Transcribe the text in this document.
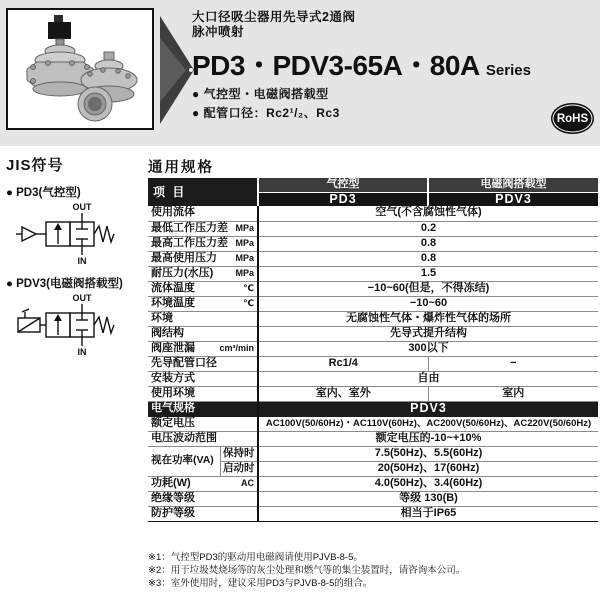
大口径吸尘器用先导式2通阀
脉冲喷射
PD3・PDV3-65A・80A Series
● 气控型・电磁阀搭载型
● 配管口径：Rc2¹/₂、Rc3	RoHS
JIS符号
● PD3(气控型)
OUT
IN
● PDV3(电磁阀搭载型)
OUT
IN
通用规格
项 目		气控型	电磁阀搭载型
		PD3	PDV3

使用流体		空气(不含腐蚀性气体)	

最低工作压力差 MPa		0.2	

最高工作压力差 MPa		0.8	

最高使用压力 MPa		0.8	

耐压力(水压) MPa		1.5	

流体温度 ℃		−10~60(但是，不得冻结)	

环境温度 ℃		−10~60	

环境		无腐蚀性气体・爆炸性气体的场所	

阀结构		先导式提升结构	

阀座泄漏 cm³/min		300以下	

先导配管口径		Rc1/4	−

安装方式		自由	

使用环境		室内、室外	室内

电气规格		PDV3	

额定电压		AC100V(50/60Hz)・AC110V(60Hz)、AC200V(50/60Hz)、AC220V(50/60Hz)	

电压波动范围		额定电压的-10~+10%	

视在功率(VA)	保持时	7.5(50Hz)、5.5(60Hz)	
	启动时	20(50Hz)、17(60Hz)	

功耗(W) AC		4.0(50Hz)、3.4(60Hz)	

绝缘等级		等级 130(B)	

防护等级		相当于IP65	
※1：气控型PD3的驱动用电磁阀请使用PJVB-8-5。
※2：用于垃圾焚烧场等的灰尘处理和燃气等的集尘装置时，请咨询本公司。
※3：室外使用时，建议采用PD3与PJVB-8-5的组合。
